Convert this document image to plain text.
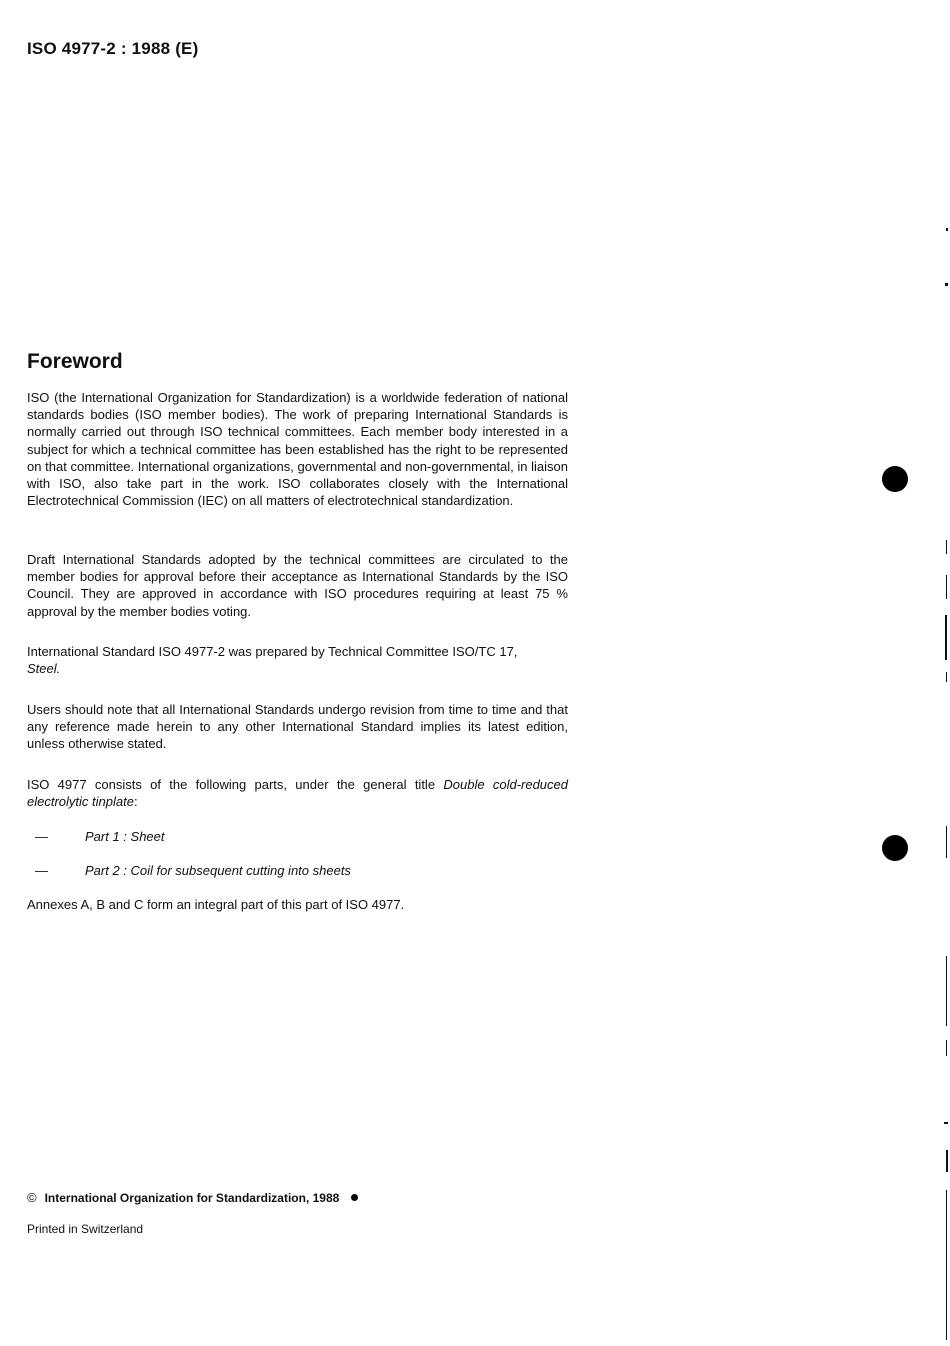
ISO 4977-2 : 1988 (E)
Foreword

ISO (the International Organization for Standardization) is a worldwide federation of national standards bodies (ISO member bodies). The work of preparing International Standards is normally carried out through ISO technical committees. Each member body interested in a subject for which a technical committee has been established has the right to be represented on that committee. International organizations, governmental and non-governmental, in liaison with ISO, also take part in the work. ISO collaborates closely with the International Electrotechnical Commission (IEC) on all matters of electrotechnical standardization.

Draft International Standards adopted by the technical committees are circulated to the member bodies for approval before their acceptance as International Standards by the ISO Council. They are approved in accordance with ISO procedures requiring at least 75 % approval by the member bodies voting.

International Standard ISO 4977-2 was prepared by Technical Committee ISO/TC 17,
Steel.

Users should note that all International Standards undergo revision from time to time and that any reference made herein to any other International Standard implies its latest edition, unless otherwise stated.

ISO 4977 consists of the following parts, under the general title Double cold-reduced electrolytic tinplate:

—	Part 1 : Sheet
—	Part 2 : Coil for subsequent cutting into sheets

Annexes A, B and C form an integral part of this part of ISO 4977.

© International Organization for Standardization, 1988
Printed in Switzerland
